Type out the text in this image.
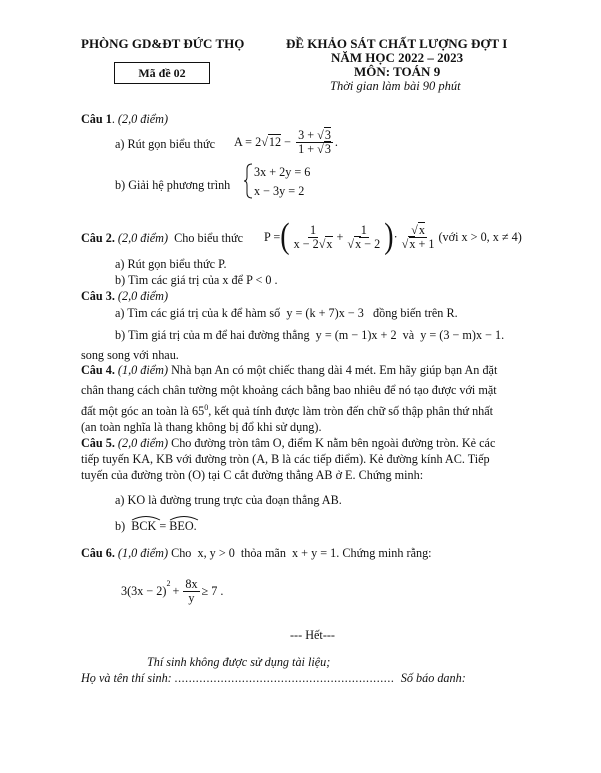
PHÒNG GD&ĐT ĐỨC THỌ	ĐỀ KHẢO SÁT CHẤT LƯỢNG ĐỢT I
NĂM HỌC 2022 – 2023
MÔN: TOÁN 9
Thời gian làm bài 90 phút
Mã đề 02
Câu 1. (2,0 điểm)
a) Rút gọn biểu thức A = 2 √ $12 - \frac{3 + √3}{1 + √3}$ .
b) Giải hệ phương trình
3x + 2y = 6
x − 3y = 2
Câu 2. (2,0 điểm) Cho biểu thức P = ( $\frac{1}{x - 2√x} + \frac{1}{√x - 2}$ ) · $\frac{√x}{√x + 1}$ (với x > 0, x ≠ 4)
a) Rút gọn biểu thức P.
b) Tìm các giá trị của x để P < 0 .
Câu 3. (2,0 điểm)
a) Tìm các giá trị của k để hàm số y = (k + 7)x − 3 đồng biến trên R.
b) Tìm giá trị của m để hai đường thẳng y = (m − 1)x + 2 và y = (3 − m)x − 1.
song song với nhau.
Câu 4. (1,0 điểm) Nhà bạn An có một chiếc thang dài 4 mét. Em hãy giúp bạn An đặt
chân thang cách chân tường một khoảng cách bằng bao nhiêu để nó tạo được với mặt
đất một góc an toàn là $65^0$, kết quả tính được làm tròn đến chữ số thập phân thứ nhất
(an toàn nghĩa là thang không bị đổ khi sử dụng).
Câu 5. (2,0 điểm) Cho đường tròn tâm O, điểm K nằm bên ngoài đường tròn. Kẻ các
tiếp tuyến KA, KB với đường tròn (A, B là các tiếp điểm). Kẻ đường kính AC. Tiếp
tuyến của đường tròn (O) tại C cắt đường thẳng AB ở E. Chứng minh:
a) KO là đường trung trực của đoạn thẳng AB.
b) BCK = BEO.
Câu 6. (1,0 điểm) Cho x, y > 0 thỏa mãn x + y = 1. Chứng minh rằng:
$3(3x - 2)^2 + \frac{8x}{y} \ge 7$ .
--- Hết---
Thí sinh không được sử dụng tài liệu;
Họ và tên thí sinh: .............................................................. Số báo danh:
